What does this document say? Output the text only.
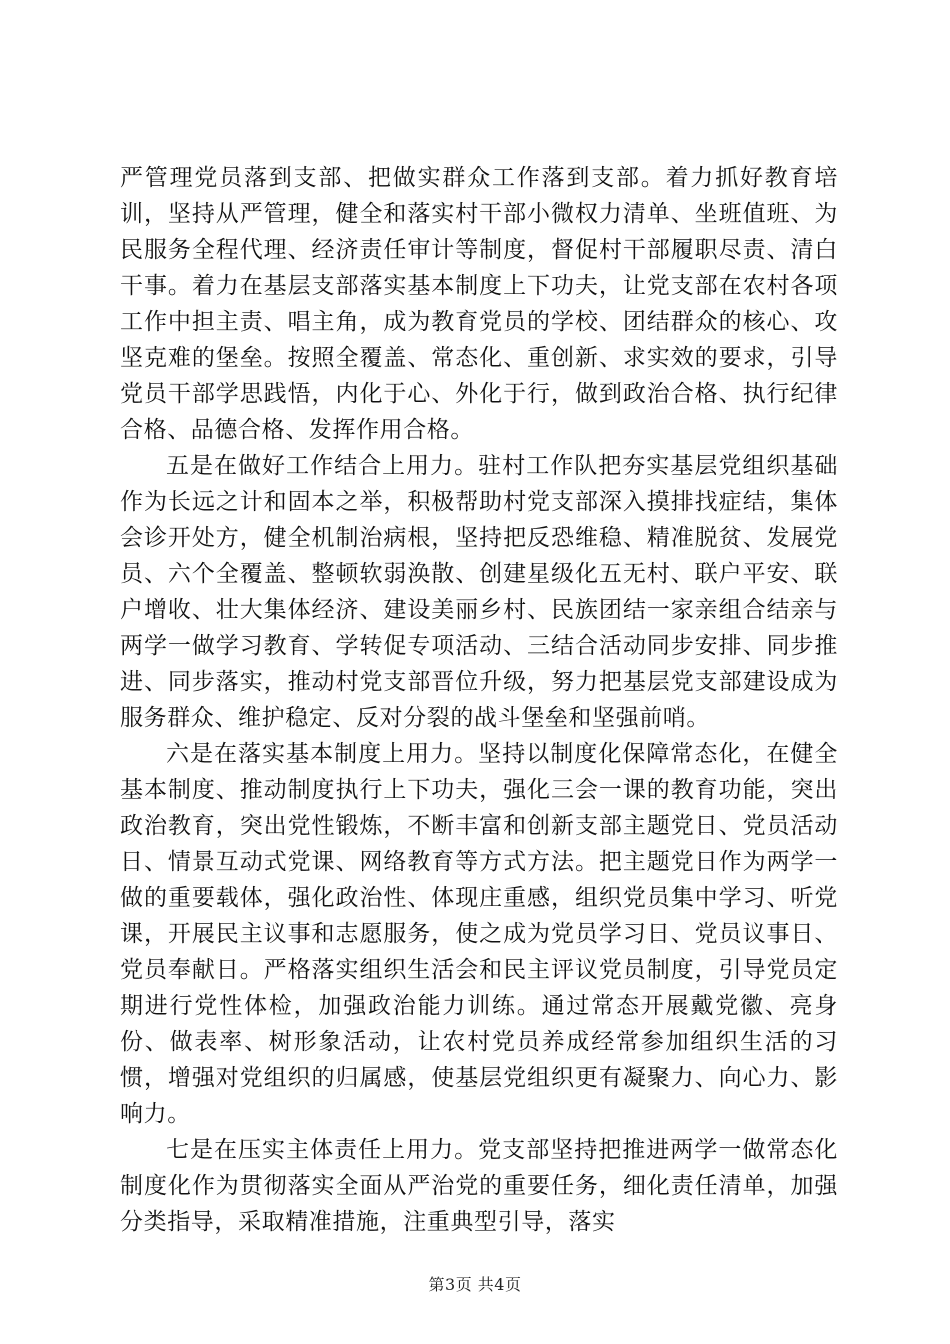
严管理党员落到支部、把做实群众工作落到支部。着力抓好教育培训，坚持从严管理，健全和落实村干部小微权力清单、坐班值班、为民服务全程代理、经济责任审计等制度，督促村干部履职尽责、清白干事。着力在基层支部落实基本制度上下功夫，让党支部在农村各项工作中担主责、唱主角，成为教育党员的学校、团结群众的核心、攻坚克难的堡垒。按照全覆盖、常态化、重创新、求实效的要求，引导党员干部学思践悟，内化于心、外化于行，做到政治合格、执行纪律合格、品德合格、发挥作用合格。

五是在做好工作结合上用力。驻村工作队把夯实基层党组织基础作为长远之计和固本之举，积极帮助村党支部深入摸排找症结，集体会诊开处方，健全机制治病根，坚持把反恐维稳、精准脱贫、发展党员、六个全覆盖、整顿软弱涣散、创建星级化五无村、联户平安、联户增收、壮大集体经济、建设美丽乡村、民族团结一家亲组合结亲与两学一做学习教育、学转促专项活动、三结合活动同步安排、同步推进、同步落实，推动村党支部晋位升级，努力把基层党支部建设成为服务群众、维护稳定、反对分裂的战斗堡垒和坚强前哨。

六是在落实基本制度上用力。坚持以制度化保障常态化，在健全基本制度、推动制度执行上下功夫，强化三会一课的教育功能，突出政治教育，突出党性锻炼，不断丰富和创新支部主题党日、党员活动日、情景互动式党课、网络教育等方式方法。把主题党日作为两学一做的重要载体，强化政治性、体现庄重感，组织党员集中学习、听党课，开展民主议事和志愿服务，使之成为党员学习日、党员议事日、党员奉献日。严格落实组织生活会和民主评议党员制度，引导党员定期进行党性体检，加强政治能力训练。通过常态开展戴党徽、亮身份、做表率、树形象活动，让农村党员养成经常参加组织生活的习惯，增强对党组织的归属感，使基层党组织更有凝聚力、向心力、影响力。

七是在压实主体责任上用力。党支部坚持把推进两学一做常态化制度化作为贯彻落实全面从严治党的重要任务，细化责任清单，加强分类指导，采取精准措施，注重典型引导，落实

第3页 共4页
